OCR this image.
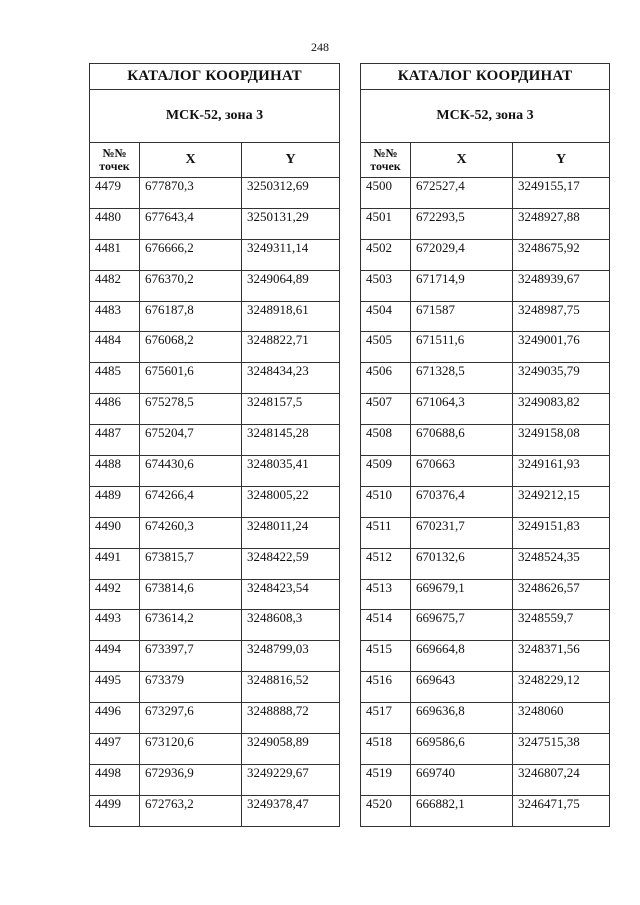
248
КАТАЛОГ КООРДИНАТ		
МСК-52, зона 3		
№№
точек	X	Y
4479	677870,3	3250312,69
4480	677643,4	3250131,29
4481	676666,2	3249311,14
4482	676370,2	3249064,89
4483	676187,8	3248918,61
4484	676068,2	3248822,71
4485	675601,6	3248434,23
4486	675278,5	3248157,5
4487	675204,7	3248145,28
4488	674430,6	3248035,41
4489	674266,4	3248005,22
4490	674260,3	3248011,24
4491	673815,7	3248422,59
4492	673814,6	3248423,54
4493	673614,2	3248608,3
4494	673397,7	3248799,03
4495	673379	3248816,52
4496	673297,6	3248888,72
4497	673120,6	3249058,89
4498	672936,9	3249229,67
4499	672763,2	3249378,47
КАТАЛОГ КООРДИНАТ		
МСК-52, зона 3		
№№
точек	X	Y
4500	672527,4	3249155,17
4501	672293,5	3248927,88
4502	672029,4	3248675,92
4503	671714,9	3248939,67
4504	671587	3248987,75
4505	671511,6	3249001,76
4506	671328,5	3249035,79
4507	671064,3	3249083,82
4508	670688,6	3249158,08
4509	670663	3249161,93
4510	670376,4	3249212,15
4511	670231,7	3249151,83
4512	670132,6	3248524,35
4513	669679,1	3248626,57
4514	669675,7	3248559,7
4515	669664,8	3248371,56
4516	669643	3248229,12
4517	669636,8	3248060
4518	669586,6	3247515,38
4519	669740	3246807,24
4520	666882,1	3246471,75
